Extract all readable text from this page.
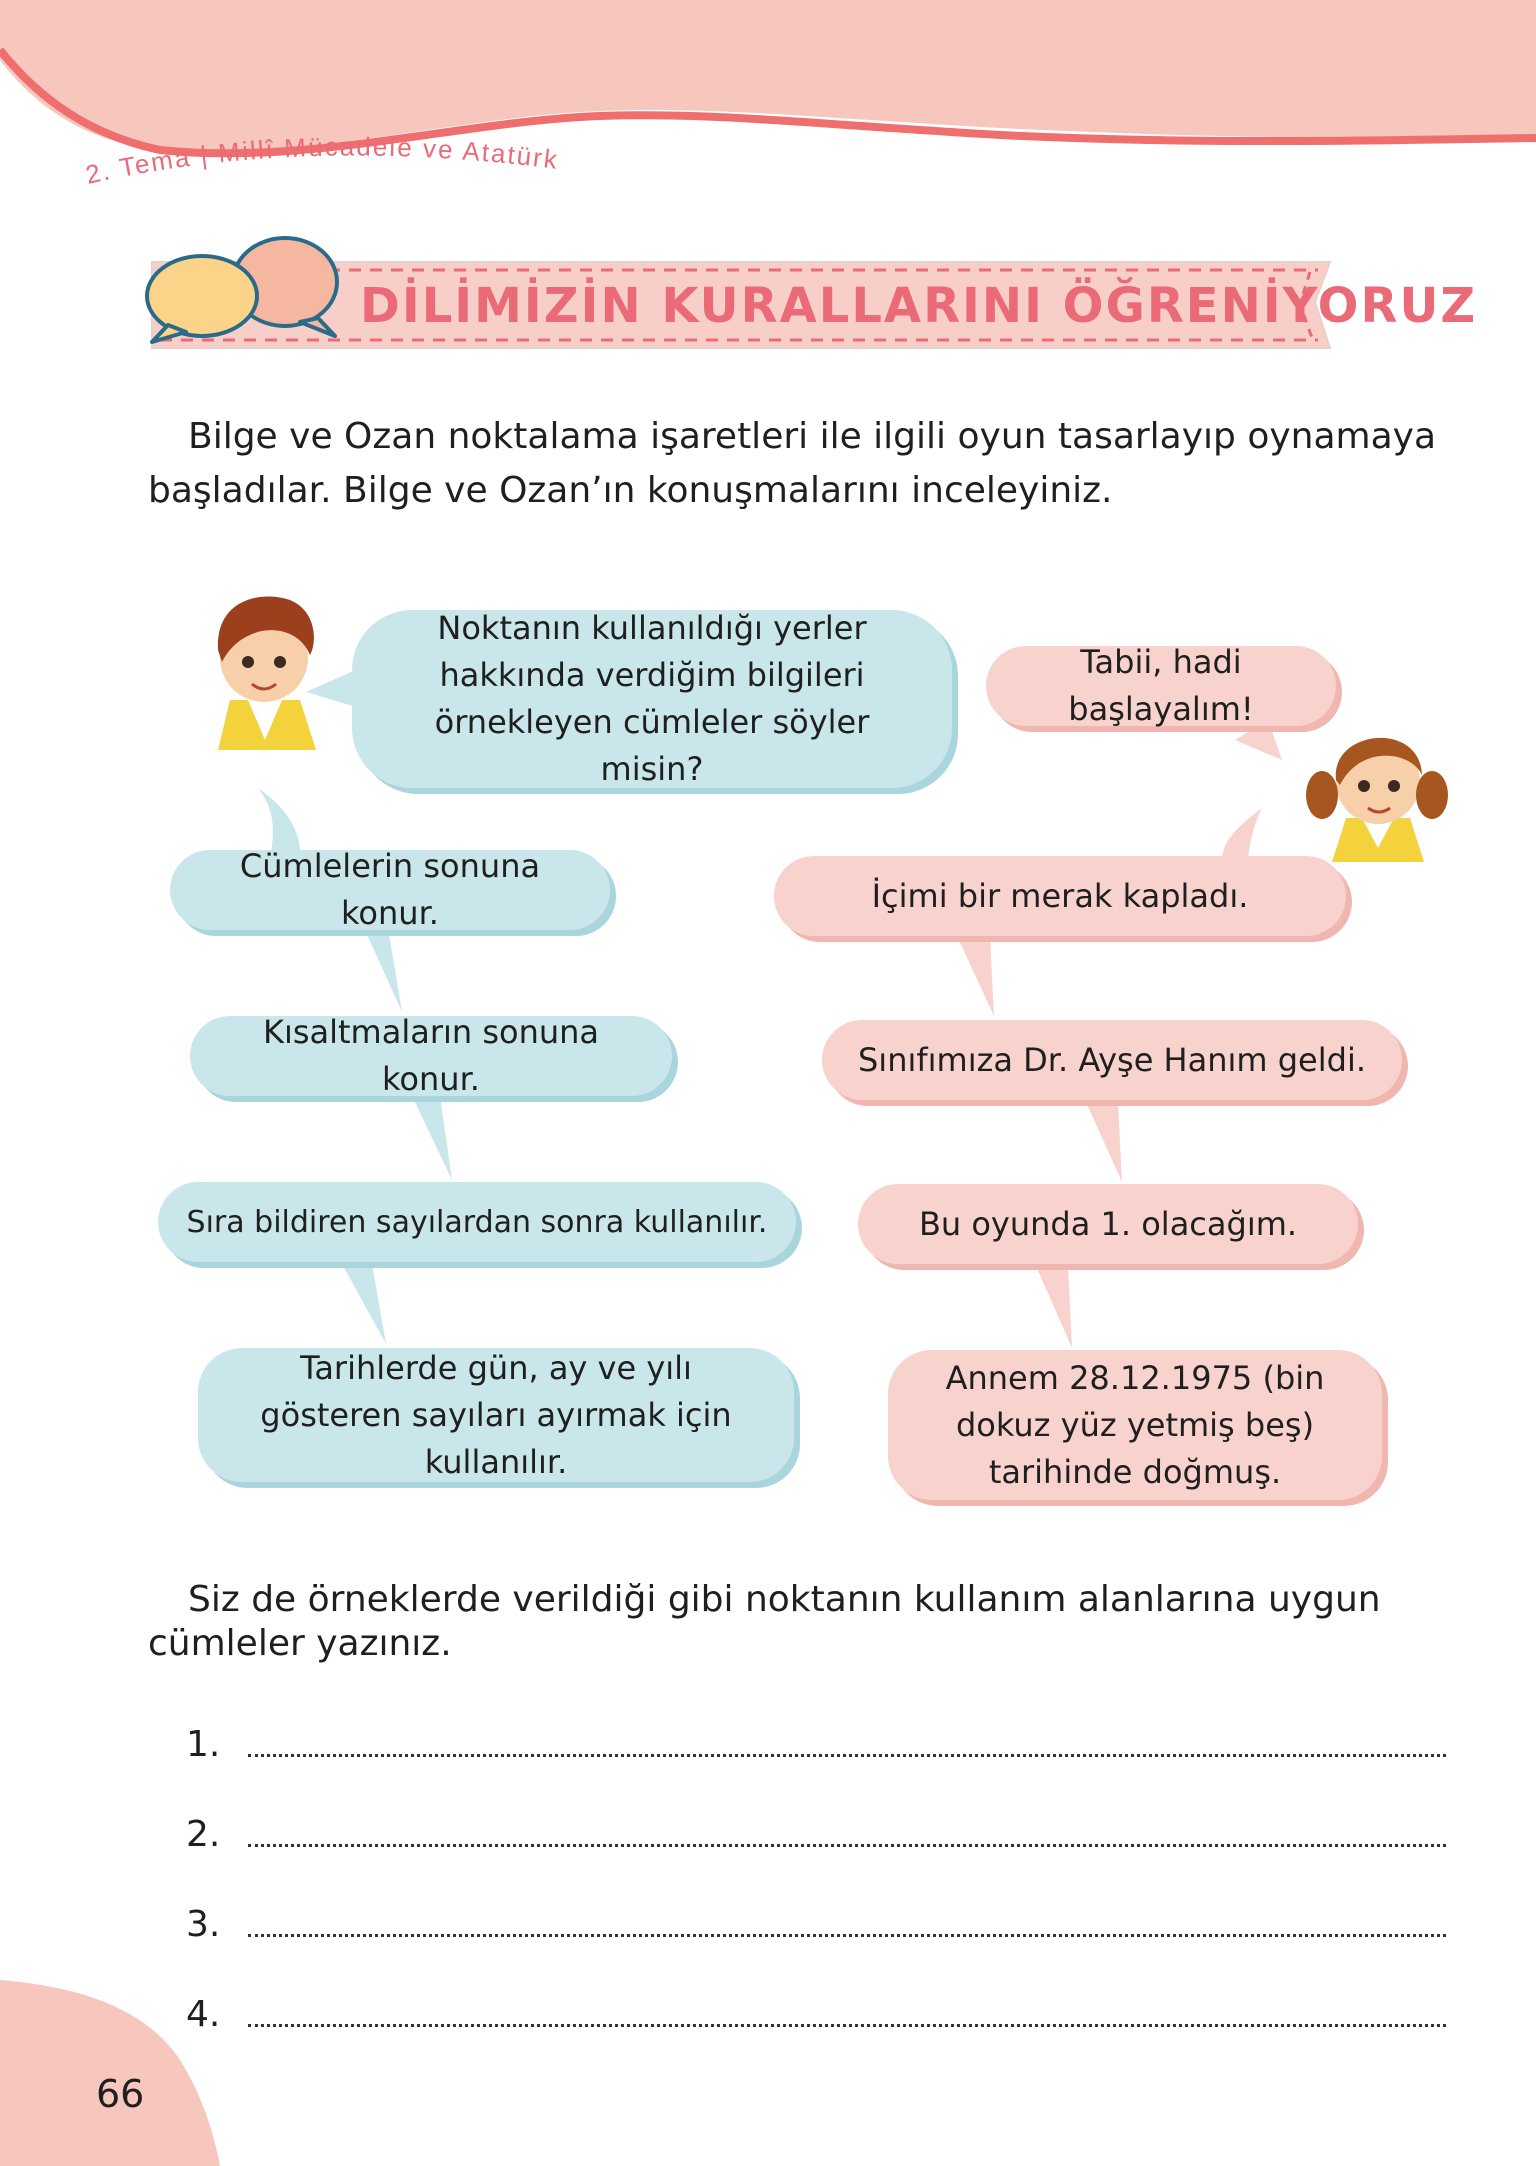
2. Tema | Millî Mücadele ve Atatürk
DİLİMİZİN KURALLARINI ÖĞRENİYORUZ
Bilge ve Ozan noktalama işaretleri ile ilgili oyun tasarlayıp oynamaya başladılar. Bilge ve Ozan’ın konuşmalarını inceleyiniz.
Noktanın kullanıldığı yerler hakkında verdiğim bilgileri örnekleyen cümleler söyler misin?
Tabii, hadi başlayalım!
Cümlelerin sonuna konur.
Kısaltmaların sonuna konur.
Sıra bildiren sayılardan sonra kullanılır.
Tarihlerde gün, ay ve yılı gösteren sayıları ayırmak için kullanılır.
İçimi bir merak kapladı.
Sınıfımıza Dr. Ayşe Hanım geldi.
Bu oyunda 1. olacağım.
Annem 28.12.1975 (bin dokuz yüz yetmiş beş) tarihinde doğmuş.
Siz de örneklerde verildiği gibi noktanın kullanım alanlarına uygun cümleler yazınız.
1.
2.
3.
4.
66
